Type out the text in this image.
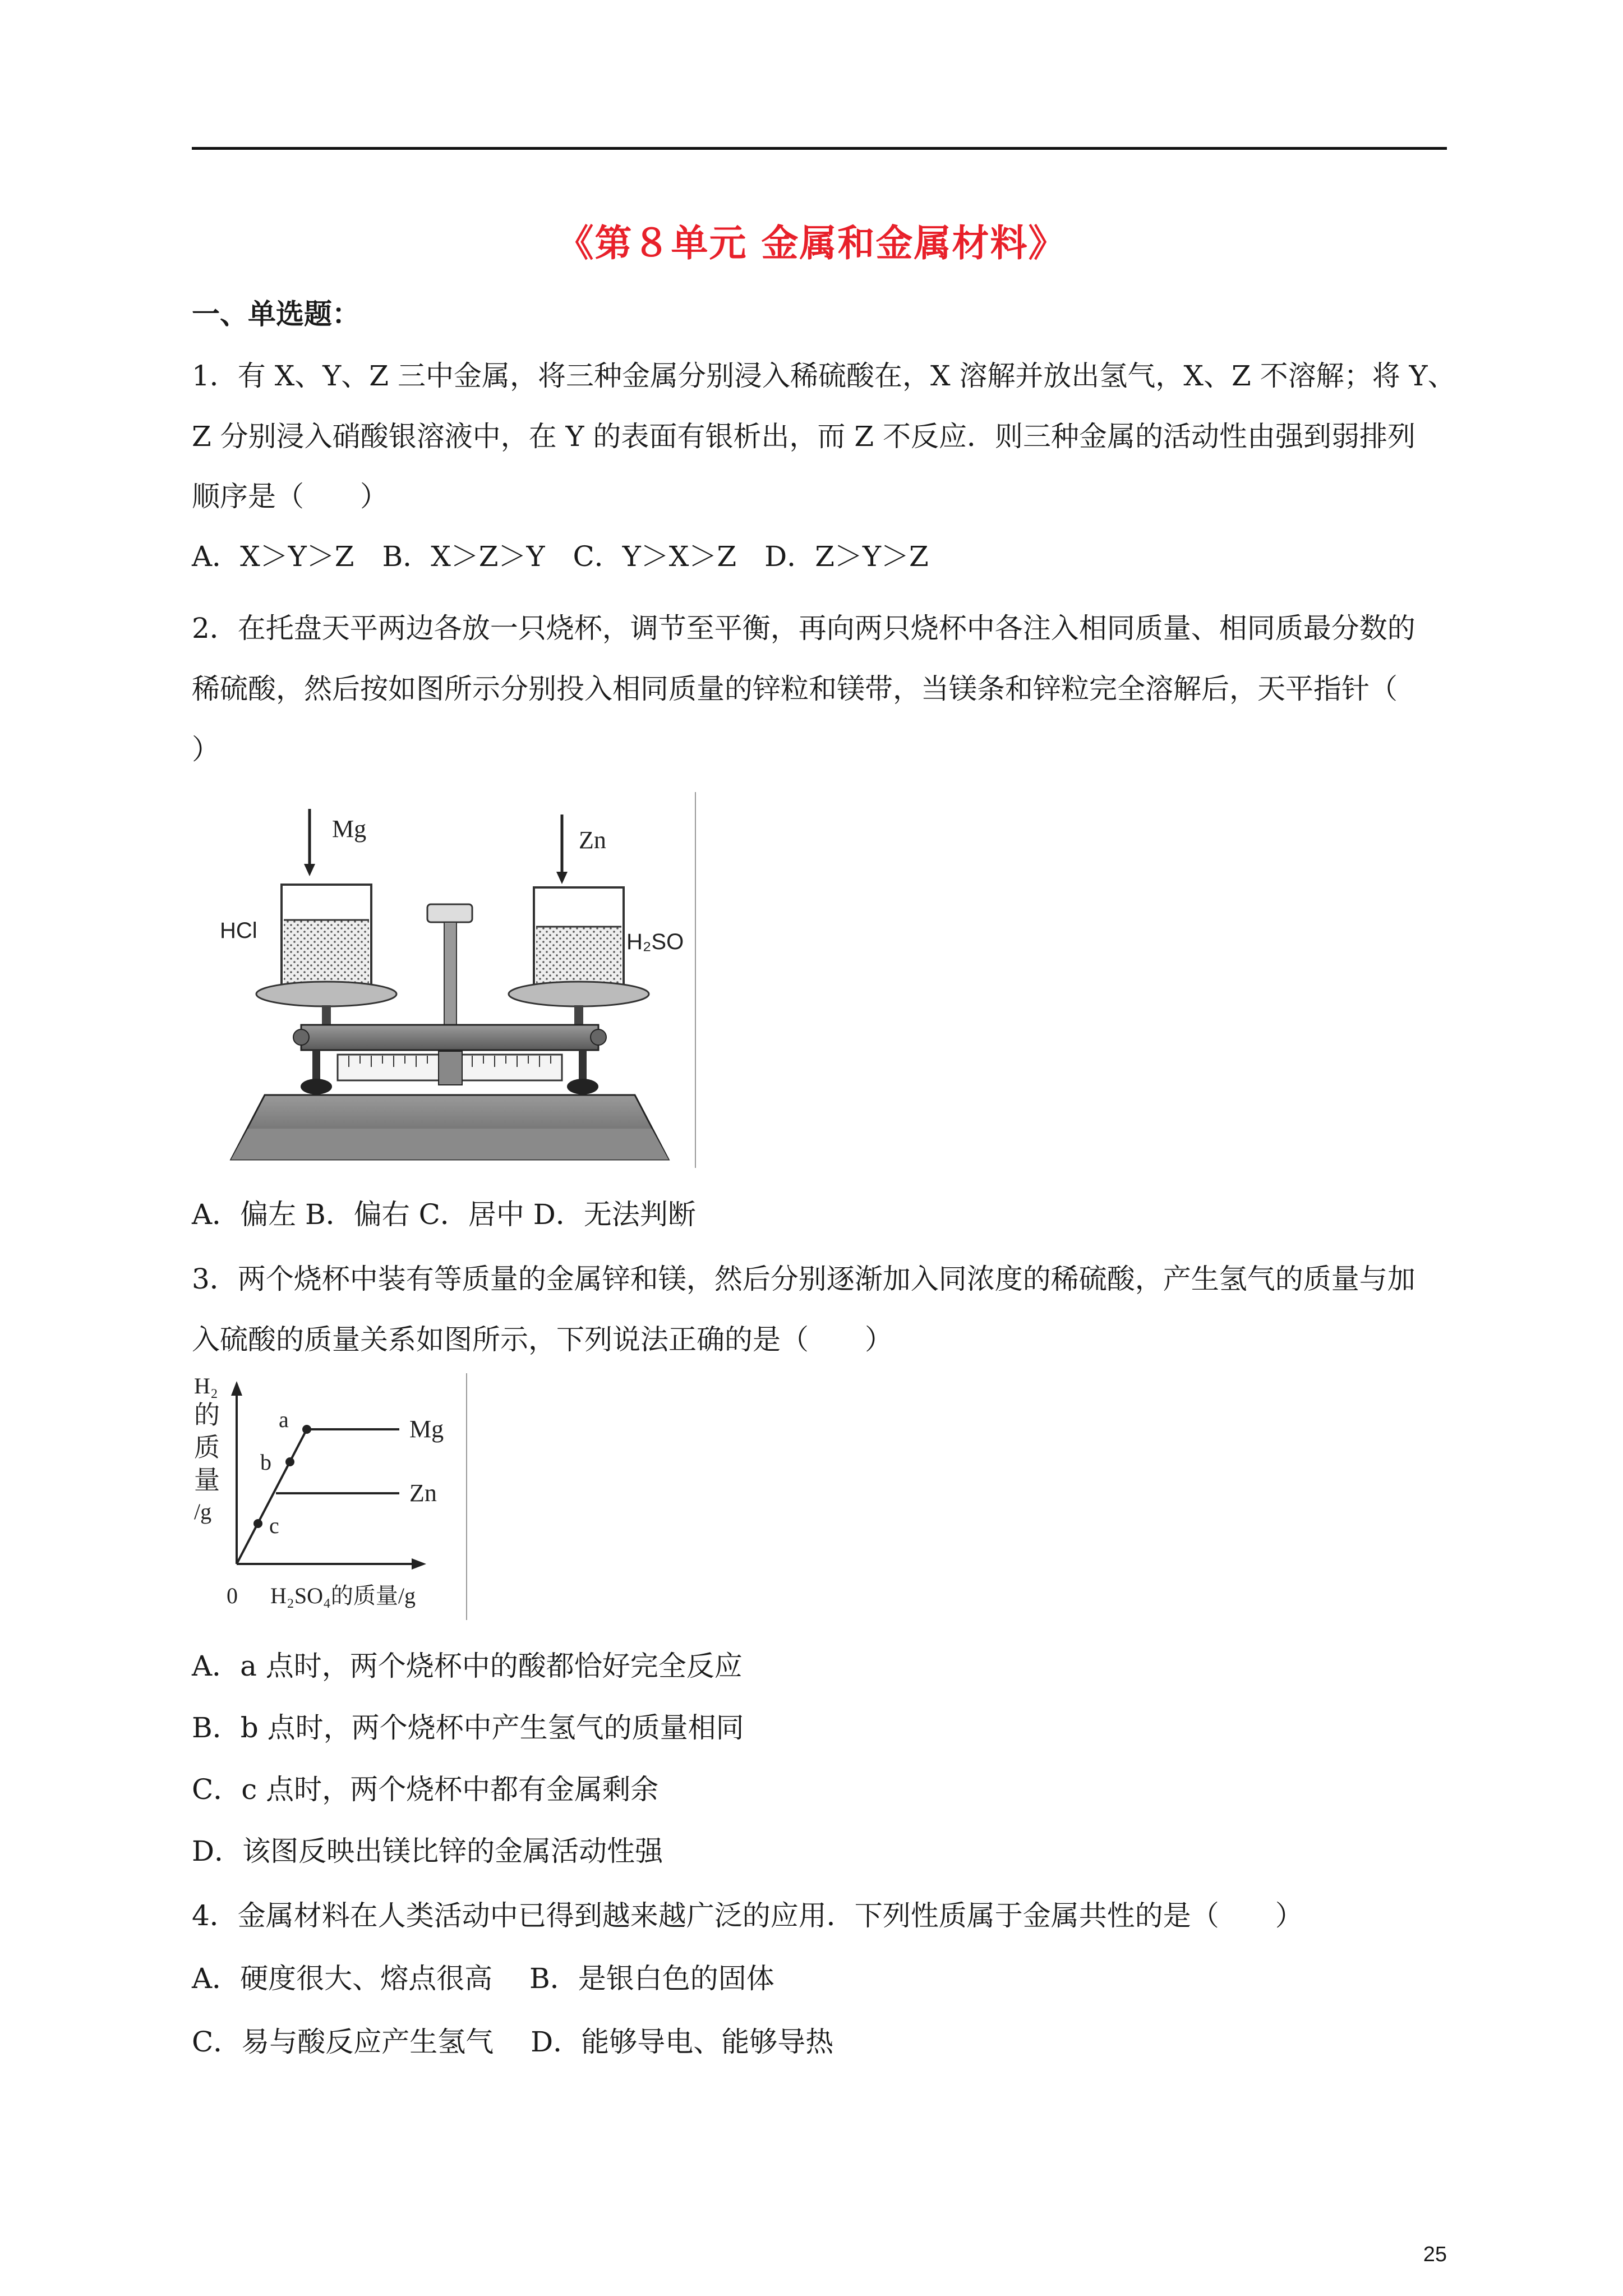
《第８单元 金属和金属材料》
一、单选题：
1．有 X、Y、Z 三中金属，将三种金属分别浸入稀硫酸在，X 溶解并放出氢气，X、Z 不溶解；将 Y、
Z 分别浸入硝酸银溶液中，在 Y 的表面有银析出，而 Z 不反应．则三种金属的活动性由强到弱排列
顺序是（　　）
A．X＞Y＞Z　B．X＞Z＞Y　C．Y＞X＞Z　D．Z＞Y＞Z
2．在托盘天平两边各放一只烧杯，调节至平衡，再向两只烧杯中各注入相同质量、相同质最分数的
稀硫酸，然后按如图所示分别投入相同质量的锌粒和镁带，当镁条和锌粒完全溶解后，天平指针（
）
Mg	Zn
HCl	H₂SO
A．偏左 B．偏右 C．居中 D．无法判断
3．两个烧杯中装有等质量的金属锌和镁，然后分别逐渐加入同浓度的稀硫酸，产生氢气的质量与加
入硫酸的质量关系如图所示，下列说法正确的是（　　）
H₂
的
质
量
/g
a
b
c
Mg
Zn
0 H₂SO₄的质量/g
A．a 点时，两个烧杯中的酸都恰好完全反应
B．b 点时，两个烧杯中产生氢气的质量相同
C．c 点时，两个烧杯中都有金属剩余
D．该图反映出镁比锌的金属活动性强
4．金属材料在人类活动中已得到越来越广泛的应用．下列性质属于金属共性的是（　　）
A．硬度很大、熔点很高　 B．是银白色的固体
C．易与酸反应产生氢气　 D．能够导电、能够导热
25
